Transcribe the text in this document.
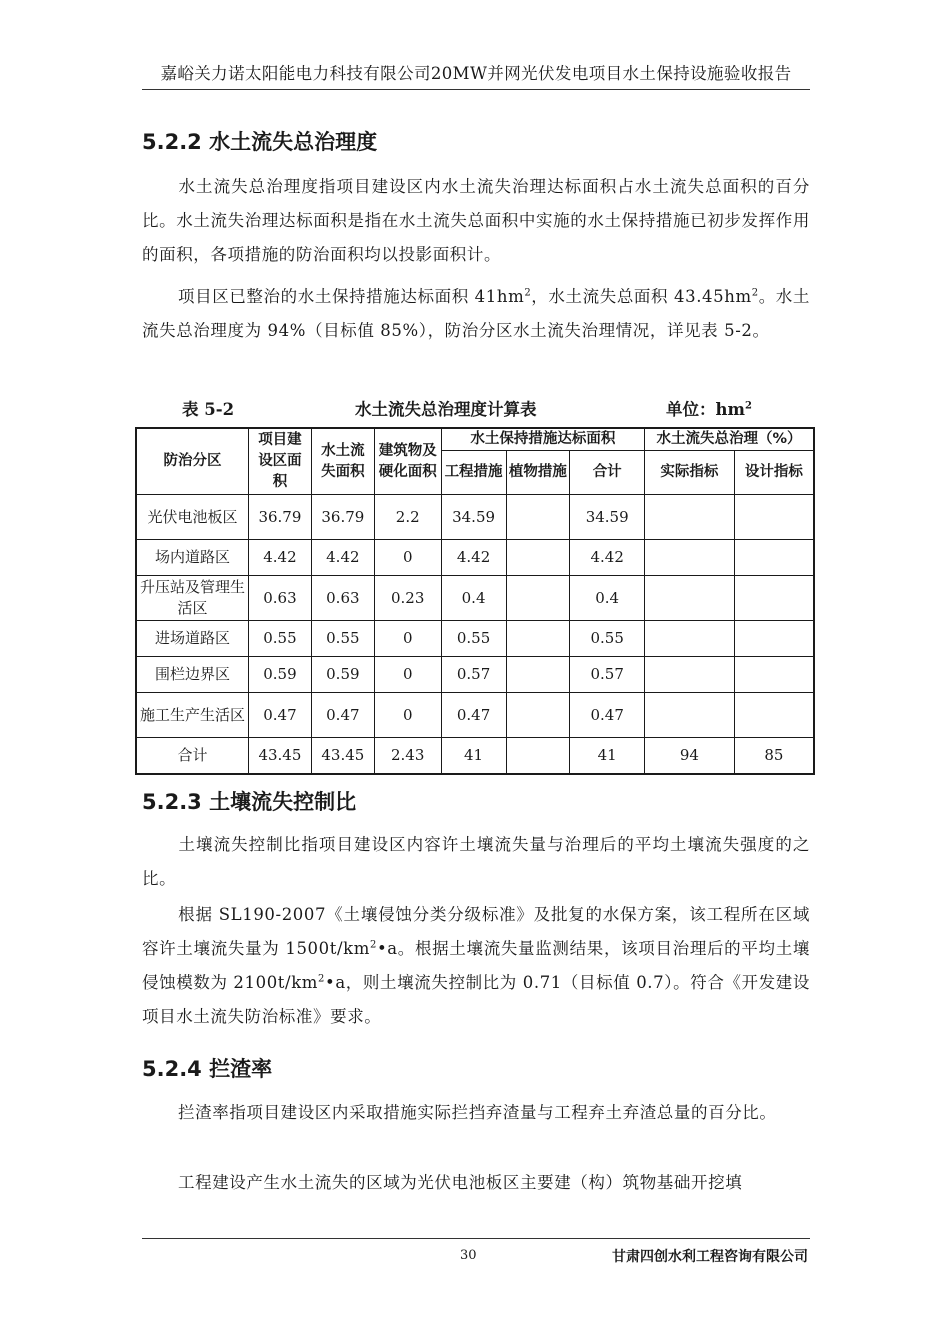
嘉峪关力诺太阳能电力科技有限公司20MW并网光伏发电项目水土保持设施验收报告
5.2.2 水土流失总治理度
水土流失总治理度指项目建设区内水土流失治理达标面积占水土流失总面积的百分比。水土流失治理达标面积是指在水土流失总面积中实施的水土保持措施已初步发挥作用的面积，各项措施的防治面积均以投影面积计。
项目区已整治的水土保持措施达标面积 $41hm^2$，水土流失总面积 $43.45hm^2$。水土流失总治理度为 94%（目标值 85%），防治分区水土流失治理情况，详见表 5-2。
表 5-2	水土流失总治理度计算表	单位：$hm^2$
防治分区	项目建设区面积	水土流失面积	建筑物及硬化面积	水土保持措施达标面积			水土流失总治理（%）	
				工程措施	植物措施	合计	实际指标	设计指标
光伏电池板区	36.79	36.79	2.2	34.59		34.59		
场内道路区	4.42	4.42	0	4.42		4.42		
升压站及管理生活区	0.63	0.63	0.23	0.4		0.4		
进场道路区	0.55	0.55	0	0.55		0.55		
围栏边界区	0.59	0.59	0	0.57		0.57		
施工生产生活区	0.47	0.47	0	0.47		0.47		
合计	43.45	43.45	2.43	41		41	94	85
5.2.3 土壤流失控制比
土壤流失控制比指项目建设区内容许土壤流失量与治理后的平均土壤流失强度的之比。
根据 SL190-2007《土壤侵蚀分类分级标准》及批复的水保方案，该工程所在区域容许土壤流失量为 $1500t/km^2•a$。根据土壤流失量监测结果，该项目治理后的平均土壤侵蚀模数为 $2100t/km^2•a$，则土壤流失控制比为 0.71（目标值 0.7）。符合《开发建设项目水土流失防治标准》要求。
5.2.4 拦渣率
拦渣率指项目建设区内采取措施实际拦挡弃渣量与工程弃土弃渣总量的百分比。
工程建设产生水土流失的区域为光伏电池板区主要建（构）筑物基础开挖填
30	甘肃四创水利工程咨询有限公司
